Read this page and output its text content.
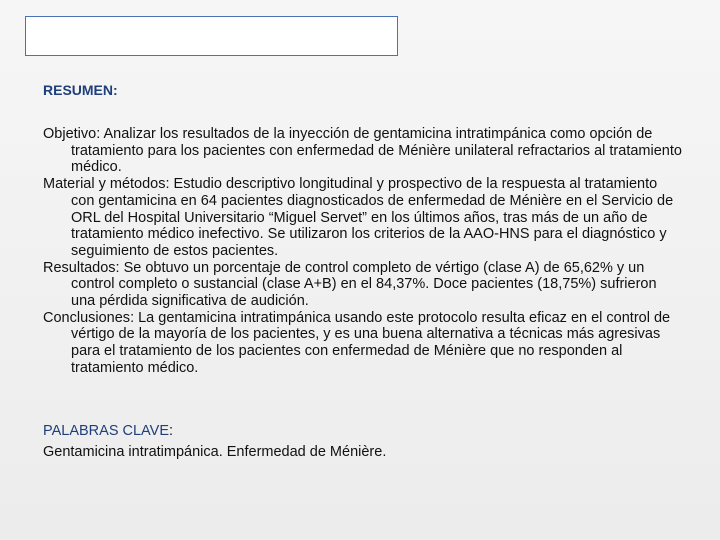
RESUMEN:

Objetivo: Analizar los resultados de la inyección de gentamicina intratimpánica como opción de tratamiento para los pacientes con enfermedad de Ménière unilateral refractarios al tratamiento médico.

Material y métodos: Estudio descriptivo longitudinal y prospectivo de la respuesta al tratamiento con gentamicina en 64 pacientes diagnosticados de enfermedad de Ménière en el Servicio de ORL del Hospital Universitario “Miguel Servet” en los últimos años, tras más de un año de tratamiento médico inefectivo. Se utilizaron los criterios de la AAO-HNS para el diagnóstico y seguimiento de estos pacientes.

Resultados: Se obtuvo un porcentaje de control completo de vértigo (clase A) de 65,62% y un control completo o sustancial (clase A+B) en el 84,37%. Doce pacientes (18,75%) sufrieron una pérdida significativa de audición.

Conclusiones: La gentamicina intratimpánica usando este protocolo resulta eficaz en el control de vértigo de la mayoría de los pacientes, y es una buena alternativa a técnicas más agresivas para el tratamiento de los pacientes con enfermedad de Ménière que no responden al tratamiento médico.

PALABRAS CLAVE:
Gentamicina intratimpánica. Enfermedad de Ménière.
